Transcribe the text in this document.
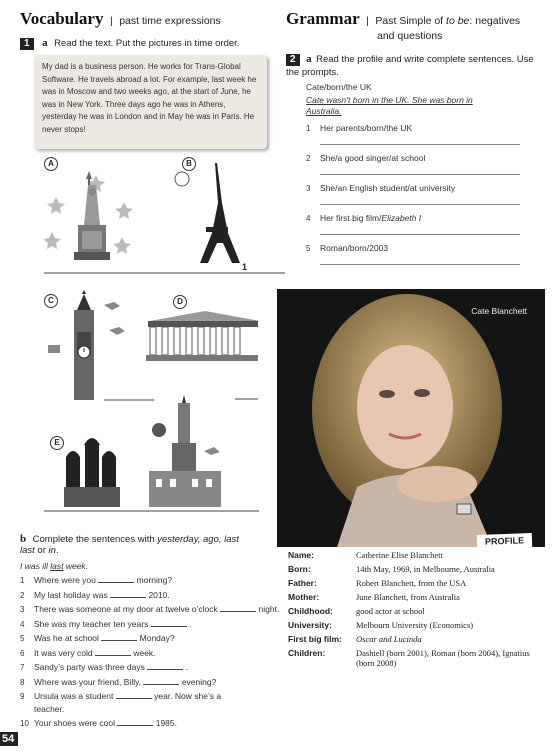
Vocabulary | past time expressions
1 a Read the text. Put the pictures in time order.
My dad is a business person. He works for Trans-Global Software. He travels abroad a lot. For example, last week he was in Moscow and two weeks ago, at the start of June, he was in New York. Three days ago he was in Athens, yesterday he was in London and in May he was in Paris. He never stops!
A	B
1
C	D
E
b Complete the sentences with yesterday, ago, last

last or in.
I was ill last week.
1 Where were you	morning?
2 My last holiday was	2010.
3 There was someone at my door at twelve o’clock	night.
4 She was my teacher ten years	.
5 Was he at school	Monday?
6 It was very cold	week.
7 Sandy’s party was three days	.
8 Where was your friend, Billy,	evening?
9 Ursula was a student	year. Now she’s a
teacher.
10 Your shoes were cool	1985.
Grammar | Past Simple of to be: negatives
and questions
2 a Read the profile and write complete sentences. Use the prompts.
Cate/born/the UK
Cate wasn’t born in the UK. She was born in
Australia.
1 Her parents/born/the UK
2 She/a good singer/at school
3 She/an English student/at university
4 Her first big film/Elizabeth I
5 Roman/born/2003
Cate Blanchett
PROFILE
Name:	Catherine Elise Blanchett
Born:	14th May, 1969, in Melbourne, Australia
Father:	Robert Blanchett, from the USA
Mother:	June Blanchett, from Australia
Childhood:	good actor at school
University:	Melbourn University (Economics)
First big film:	Oscar and Lucinda
Children:	Dashiell (born 2001), Roman (born 2004), Ignatius (born 2008)
54
